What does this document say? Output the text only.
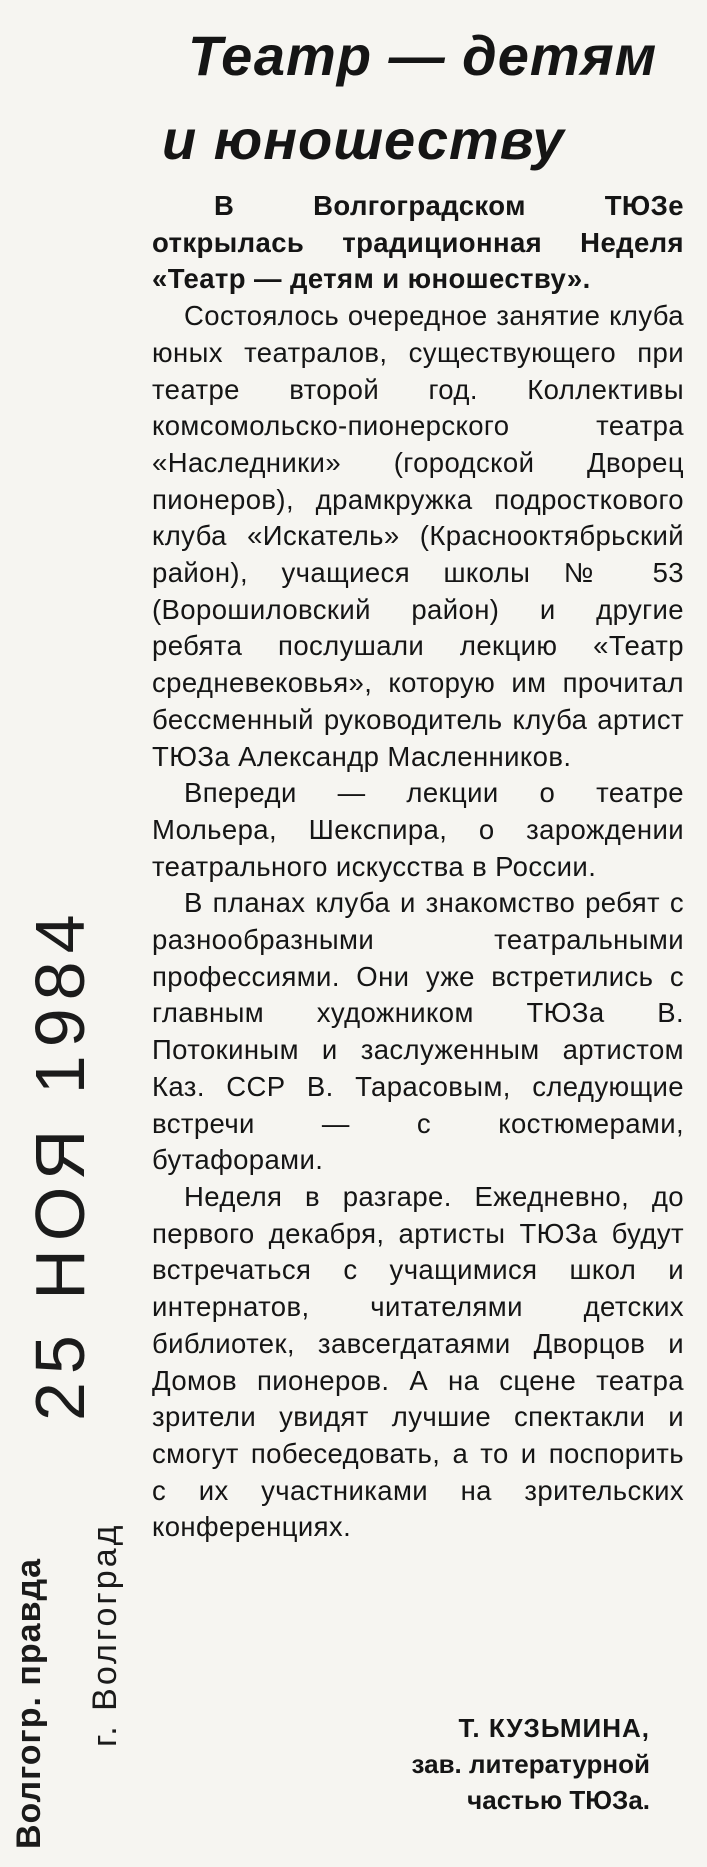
Театр — детям
и юношеству

В Волгоградском ТЮЗе открылась традиционная Неделя «Театр — детям и юношеству».

Состоялось очередное занятие клуба юных театралов, существующего при театре второй год. Коллективы комсомольско-пионерского театра «Наследники» (городской Дворец пионеров), драмкружка подросткового клуба «Искатель» (Краснооктябрьский район), учащиеся школы № 53 (Ворошиловский район) и другие ребята послушали лекцию «Театр средневековья», которую им прочитал бессменный руководитель клуба артист ТЮЗа Александр Масленников.

Впереди — лекции о театре Мольера, Шекспира, о зарождении театрального искусства в России.

В планах клуба и знакомство ребят с разнообразными театральными профессиями. Они уже встретились с главным художником ТЮЗа В. Потокиным и заслуженным артистом Каз. ССР В. Тарасовым, следующие встречи — с костюмерами, бутафорами.

Неделя в разгаре. Ежедневно, до первого декабря, артисты ТЮЗа будут встречаться с учащимися школ и интернатов, читателями детских библиотек, завсегдатаями Дворцов и Домов пионеров. А на сцене театра зрители увидят лучшие спектакли и смогут побеседовать, а то и поспорить с их участниками на зрительских конференциях.

Т. КУЗЬМИНА,
зав. литературной
частью ТЮЗа.
Волгогр. правда
25 НОЯ 1984
г. Волгоград
